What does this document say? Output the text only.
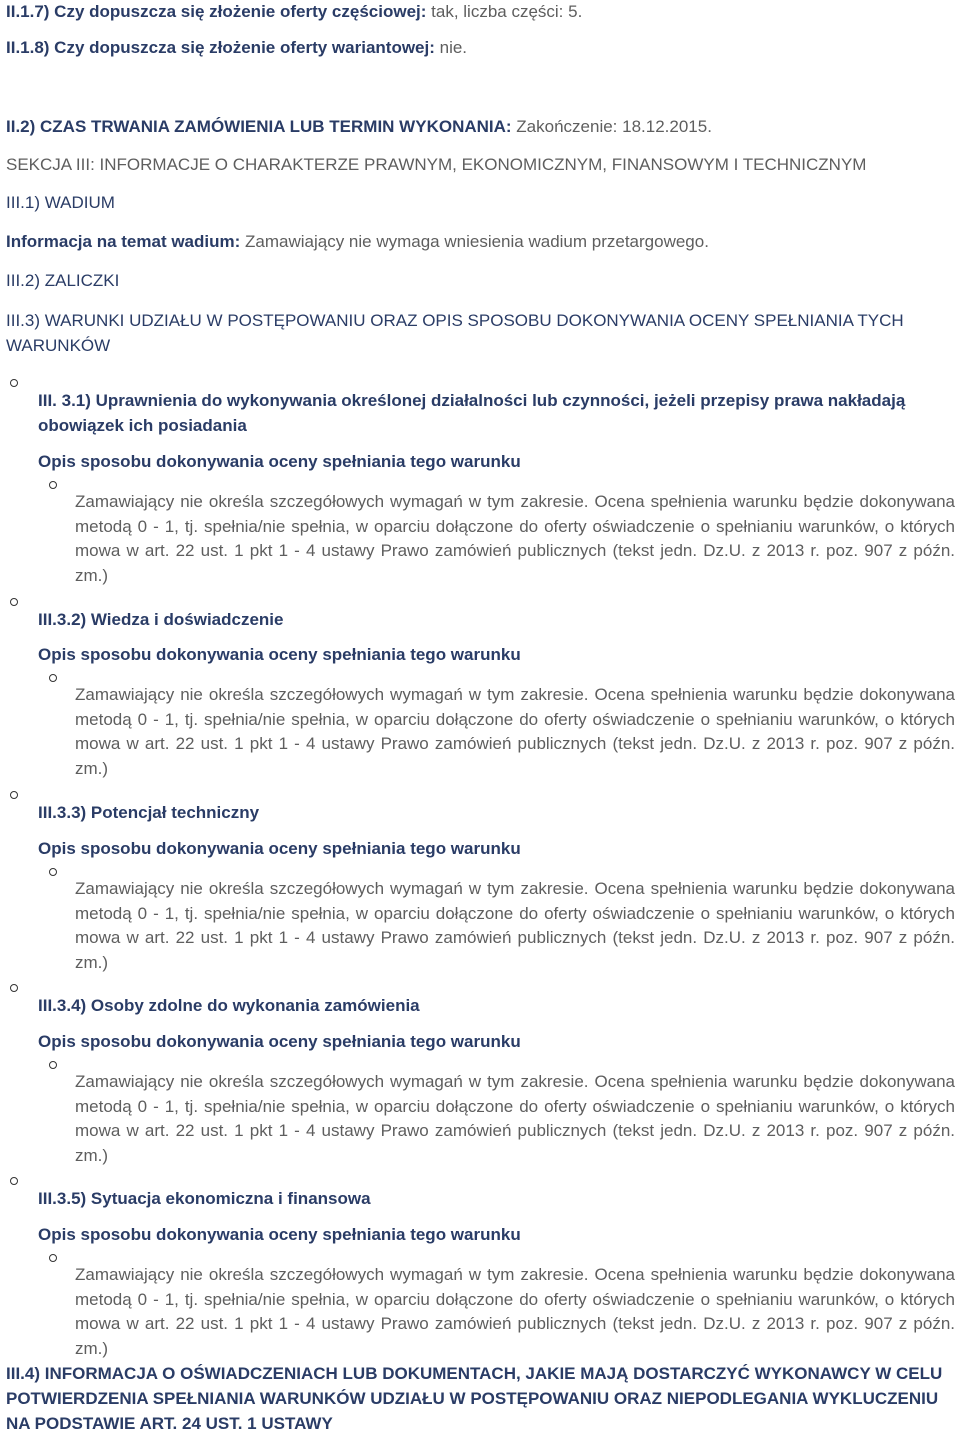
II.1.7) Czy dopuszcza się złożenie oferty częściowej: tak, liczba części: 5.

II.1.8) Czy dopuszcza się złożenie oferty wariantowej: nie.

II.2) CZAS TRWANIA ZAMÓWIENIA LUB TERMIN WYKONANIA: Zakończenie: 18.12.2015.

SEKCJA III: INFORMACJE O CHARAKTERZE PRAWNYM, EKONOMICZNYM, FINANSOWYM I TECHNICZNYM

III.1) WADIUM

Informacja na temat wadium: Zamawiający nie wymaga wniesienia wadium przetargowego.

III.2) ZALICZKI

III.3) WARUNKI UDZIAŁU W POSTĘPOWANIU ORAZ OPIS SPOSOBU DOKONYWANIA OCENY SPEŁNIANIA TYCH WARUNKÓW

III. 3.1) Uprawnienia do wykonywania określonej działalności lub czynności, jeżeli przepisy prawa nakładają obowiązek ich posiadania

Opis sposobu dokonywania oceny spełniania tego warunku

Zamawiający nie określa szczegółowych wymagań w tym zakresie. Ocena spełnienia warunku będzie dokonywana metodą 0 - 1, tj. spełnia/nie spełnia, w oparciu dołączone do oferty oświadczenie o spełnianiu warunków, o których mowa w art. 22 ust. 1 pkt 1 - 4 ustawy Prawo zamówień publicznych (tekst jedn. Dz.U. z 2013 r. poz. 907 z późn. zm.)

III.3.2) Wiedza i doświadczenie

Opis sposobu dokonywania oceny spełniania tego warunku

Zamawiający nie określa szczegółowych wymagań w tym zakresie. Ocena spełnienia warunku będzie dokonywana metodą 0 - 1, tj. spełnia/nie spełnia, w oparciu dołączone do oferty oświadczenie o spełnianiu warunków, o których mowa w art. 22 ust. 1 pkt 1 - 4 ustawy Prawo zamówień publicznych (tekst jedn. Dz.U. z 2013 r. poz. 907 z późn. zm.)

III.3.3) Potencjał techniczny

Opis sposobu dokonywania oceny spełniania tego warunku

Zamawiający nie określa szczegółowych wymagań w tym zakresie. Ocena spełnienia warunku będzie dokonywana metodą 0 - 1, tj. spełnia/nie spełnia, w oparciu dołączone do oferty oświadczenie o spełnianiu warunków, o których mowa w art. 22 ust. 1 pkt 1 - 4 ustawy Prawo zamówień publicznych (tekst jedn. Dz.U. z 2013 r. poz. 907 z późn. zm.)

III.3.4) Osoby zdolne do wykonania zamówienia

Opis sposobu dokonywania oceny spełniania tego warunku

Zamawiający nie określa szczegółowych wymagań w tym zakresie. Ocena spełnienia warunku będzie dokonywana metodą 0 - 1, tj. spełnia/nie spełnia, w oparciu dołączone do oferty oświadczenie o spełnianiu warunków, o których mowa w art. 22 ust. 1 pkt 1 - 4 ustawy Prawo zamówień publicznych (tekst jedn. Dz.U. z 2013 r. poz. 907 z późn. zm.)

III.3.5) Sytuacja ekonomiczna i finansowa

Opis sposobu dokonywania oceny spełniania tego warunku

Zamawiający nie określa szczegółowych wymagań w tym zakresie. Ocena spełnienia warunku będzie dokonywana metodą 0 - 1, tj. spełnia/nie spełnia, w oparciu dołączone do oferty oświadczenie o spełnianiu warunków, o których mowa w art. 22 ust. 1 pkt 1 - 4 ustawy Prawo zamówień publicznych (tekst jedn. Dz.U. z 2013 r. poz. 907 z późn. zm.)

III.4) INFORMACJA O OŚWIADCZENIACH LUB DOKUMENTACH, JAKIE MAJĄ DOSTARCZYĆ WYKONAWCY W CELU POTWIERDZENIA SPEŁNIANIA WARUNKÓW UDZIAŁU W POSTĘPOWANIU ORAZ NIEPODLEGANIA WYKLUCZENIU NA PODSTAWIE ART. 24 UST. 1 USTAWY
